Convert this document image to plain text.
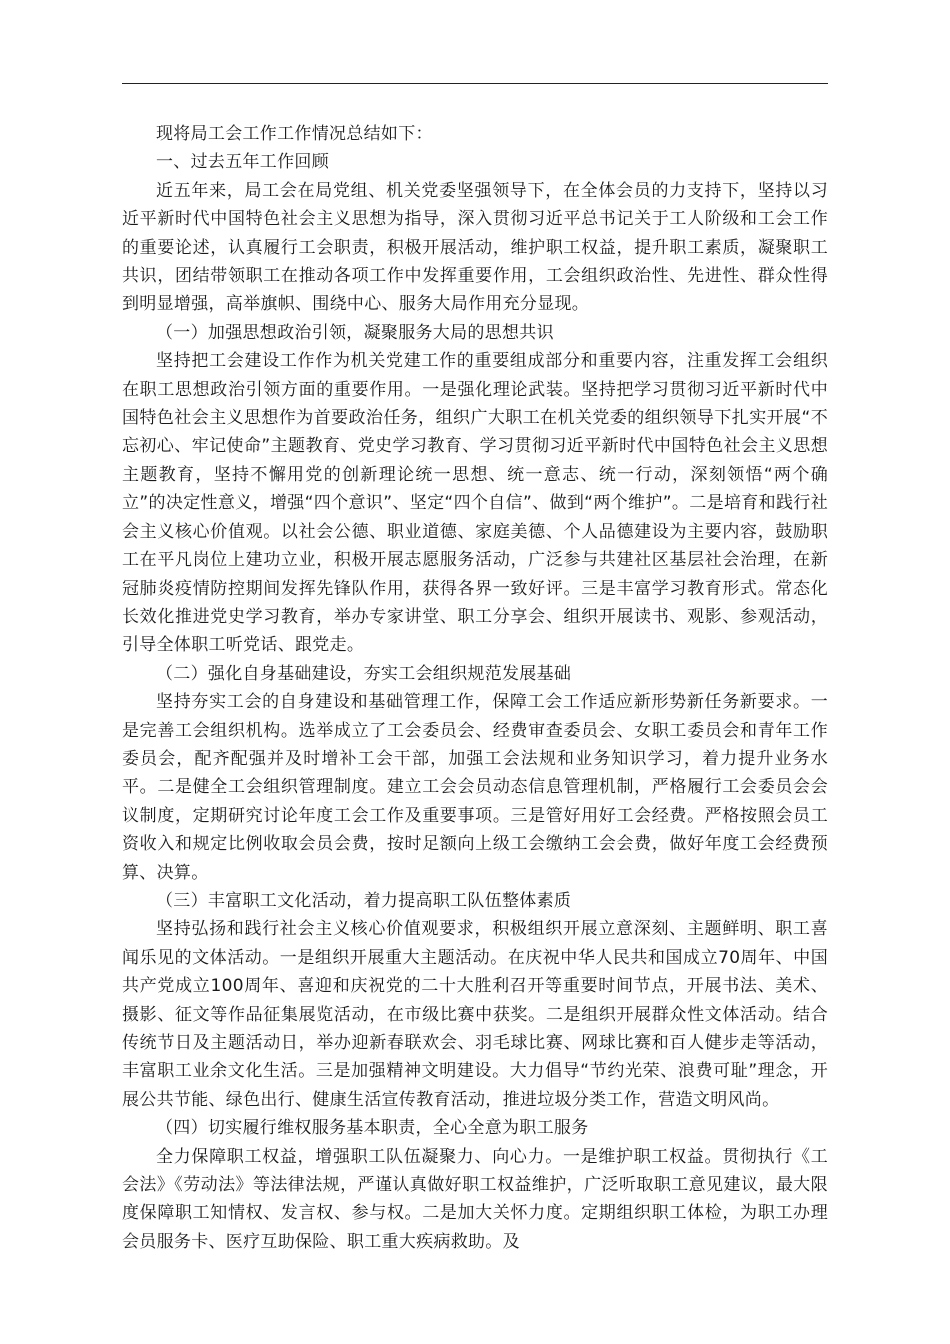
现将局工会工作工作情况总结如下：

一、过去五年工作回顾

近五年来，局工会在局党组、机关党委坚强领导下，在全体会员的力支持下，坚持以习近平新时代中国特色社会主义思想为指导，深入贯彻习近平总书记关于工人阶级和工会工作的重要论述，认真履行工会职责，积极开展活动，维护职工权益，提升职工素质，凝聚职工共识，团结带领职工在推动各项工作中发挥重要作用，工会组织政治性、先进性、群众性得到明显增强，高举旗帜、围绕中心、服务大局作用充分显现。

（一）加强思想政治引领，凝聚服务大局的思想共识

坚持把工会建设工作作为机关党建工作的重要组成部分和重要内容，注重发挥工会组织在职工思想政治引领方面的重要作用。一是强化理论武装。坚持把学习贯彻习近平新时代中国特色社会主义思想作为首要政治任务，组织广大职工在机关党委的组织领导下扎实开展“不忘初心、牢记使命”主题教育、党史学习教育、学习贯彻习近平新时代中国特色社会主义思想主题教育，坚持不懈用党的创新理论统一思想、统一意志、统一行动，深刻领悟“两个确立”的决定性意义，增强“四个意识”、坚定“四个自信”、做到“两个维护”。二是培育和践行社会主义核心价值观。以社会公德、职业道德、家庭美德、个人品德建设为主要内容，鼓励职工在平凡岗位上建功立业，积极开展志愿服务活动，广泛参与共建社区基层社会治理，在新冠肺炎疫情防控期间发挥先锋队作用，获得各界一致好评。三是丰富学习教育形式。常态化长效化推进党史学习教育，举办专家讲堂、职工分享会、组织开展读书、观影、参观活动，引导全体职工听党话、跟党走。

（二）强化自身基础建设，夯实工会组织规范发展基础

坚持夯实工会的自身建设和基础管理工作，保障工会工作适应新形势新任务新要求。一是完善工会组织机构。选举成立了工会委员会、经费审查委员会、女职工委员会和青年工作委员会，配齐配强并及时增补工会干部，加强工会法规和业务知识学习，着力提升业务水平。二是健全工会组织管理制度。建立工会会员动态信息管理机制，严格履行工会委员会会议制度，定期研究讨论年度工会工作及重要事项。三是管好用好工会经费。严格按照会员工资收入和规定比例收取会员会费，按时足额向上级工会缴纳工会会费，做好年度工会经费预算、决算。

（三）丰富职工文化活动，着力提高职工队伍整体素质

坚持弘扬和践行社会主义核心价值观要求，积极组织开展立意深刻、主题鲜明、职工喜闻乐见的文体活动。一是组织开展重大主题活动。在庆祝中华人民共和国成立70周年、中国共产党成立100周年、喜迎和庆祝党的二十大胜利召开等重要时间节点，开展书法、美术、摄影、征文等作品征集展览活动，在市级比赛中获奖。二是组织开展群众性文体活动。结合传统节日及主题活动日，举办迎新春联欢会、羽毛球比赛、网球比赛和百人健步走等活动，丰富职工业余文化生活。三是加强精神文明建设。大力倡导“节约光荣、浪费可耻”理念，开展公共节能、绿色出行、健康生活宣传教育活动，推进垃圾分类工作，营造文明风尚。

（四）切实履行维权服务基本职责，全心全意为职工服务

全力保障职工权益，增强职工队伍凝聚力、向心力。一是维护职工权益。贯彻执行《工会法》《劳动法》等法律法规，严谨认真做好职工权益维护，广泛听取职工意见建议，最大限度保障职工知情权、发言权、参与权。二是加大关怀力度。定期组织职工体检，为职工办理会员服务卡、医疗互助保险、职工重大疾病救助。及
